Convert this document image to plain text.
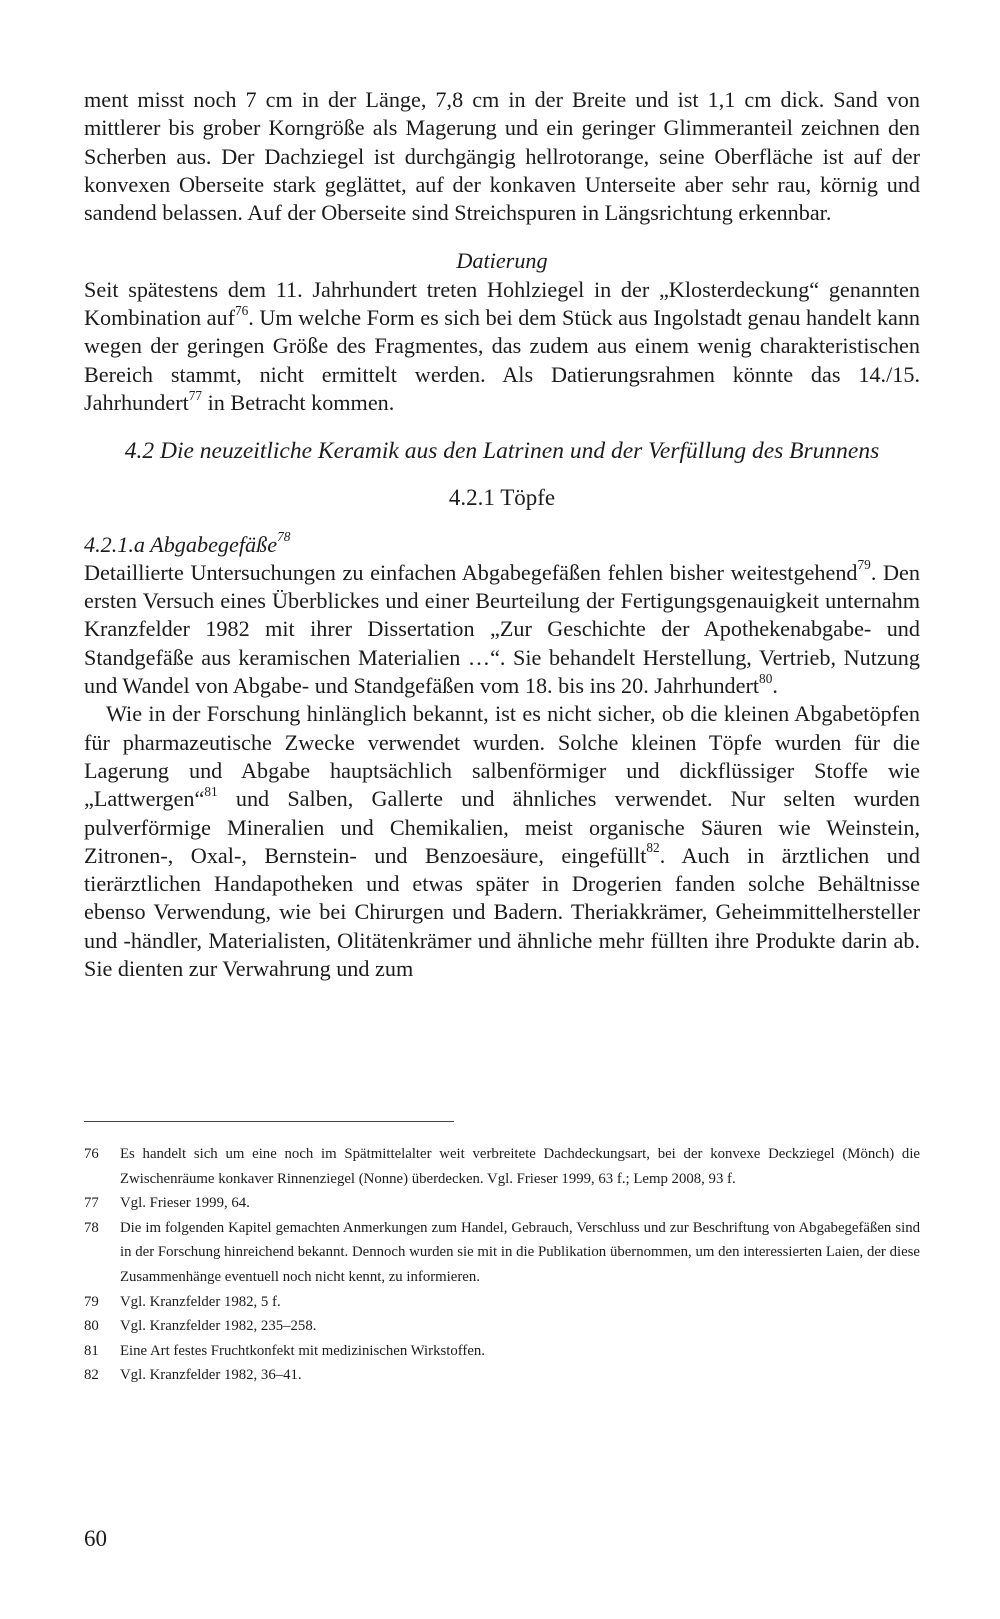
ment misst noch 7 cm in der Länge, 7,8 cm in der Breite und ist 1,1 cm dick. Sand von mittlerer bis grober Korngröße als Magerung und ein geringer Glimmeranteil zeichnen den Scherben aus. Der Dachziegel ist durchgängig hellrotorange, seine Oberfläche ist auf der konvexen Oberseite stark geglättet, auf der konkaven Unterseite aber sehr rau, körnig und sandend belassen. Auf der Oberseite sind Streichspuren in Längsrichtung erkennbar.

Datierung

Seit spätestens dem 11. Jahrhundert treten Hohlziegel in der „Klosterdeckung“ genannten Kombination auf$^{76}$. Um welche Form es sich bei dem Stück aus Ingolstadt genau handelt kann wegen der geringen Größe des Fragmentes, das zudem aus einem wenig charakteristischen Bereich stammt, nicht ermittelt werden. Als Datierungsrahmen könnte das 14./15. Jahrhundert$^{77}$ in Betracht kommen.

4.2 Die neuzeitliche Keramik aus den Latrinen und der Verfüllung des Brunnens
4.2.1 Töpfe
4.2.1.a Abgabegefäße$^{78}$

Detaillierte Untersuchungen zu einfachen Abgabegefäßen fehlen bisher weitestgehend$^{79}$. Den ersten Versuch eines Überblickes und einer Beurteilung der Fertigungsgenauigkeit unternahm Kranzfelder 1982 mit ihrer Dissertation „Zur Geschichte der Apothekenabgabe- und Standgefäße aus keramischen Materialien …“. Sie behandelt Herstellung, Vertrieb, Nutzung und Wandel von Abgabe- und Standgefäßen vom 18. bis ins 20. Jahrhundert$^{80}$.

Wie in der Forschung hinlänglich bekannt, ist es nicht sicher, ob die kleinen Abgabetöpfen für pharmazeutische Zwecke verwendet wurden. Solche kleinen Töpfe wurden für die Lagerung und Abgabe hauptsächlich salbenförmiger und dickflüssiger Stoffe wie „Lattwergen“$^{81}$ und Salben, Gallerte und ähnliches verwendet. Nur selten wurden pulverförmige Mineralien und Chemikalien, meist organische Säuren wie Weinstein, Zitronen-, Oxal-, Bernstein- und Benzoesäure, eingefüllt$^{82}$. Auch in ärztlichen und tierärztlichen Handapotheken und etwas später in Drogerien fanden solche Behältnisse ebenso Verwendung, wie bei Chirurgen und Badern. Theriakkrämer, Geheimmittelhersteller und -händler, Materialisten, Olitätenkrämer und ähnliche mehr füllten ihre Produkte darin ab. Sie dienten zur Verwahrung und zum

76	Es handelt sich um eine noch im Spätmittelalter weit verbreitete Dachdeckungsart, bei der konvexe Deckziegel (Mönch) die Zwischenräume konkaver Rinnenziegel (Nonne) überdecken. Vgl. Frieser 1999, 63 f.; Lemp 2008, 93 f.
77	Vgl. Frieser 1999, 64.
78	Die im folgenden Kapitel gemachten Anmerkungen zum Handel, Gebrauch, Verschluss und zur Beschriftung von Abgabegefäßen sind in der Forschung hinreichend bekannt. Dennoch wurden sie mit in die Publikation übernommen, um den interessierten Laien, der diese Zusammenhänge eventuell noch nicht kennt, zu informieren.
79	Vgl. Kranzfelder 1982, 5 f.
80	Vgl. Kranzfelder 1982, 235–258.
81	Eine Art festes Fruchtkonfekt mit medizinischen Wirkstoffen.
82	Vgl. Kranzfelder 1982, 36–41.
60
